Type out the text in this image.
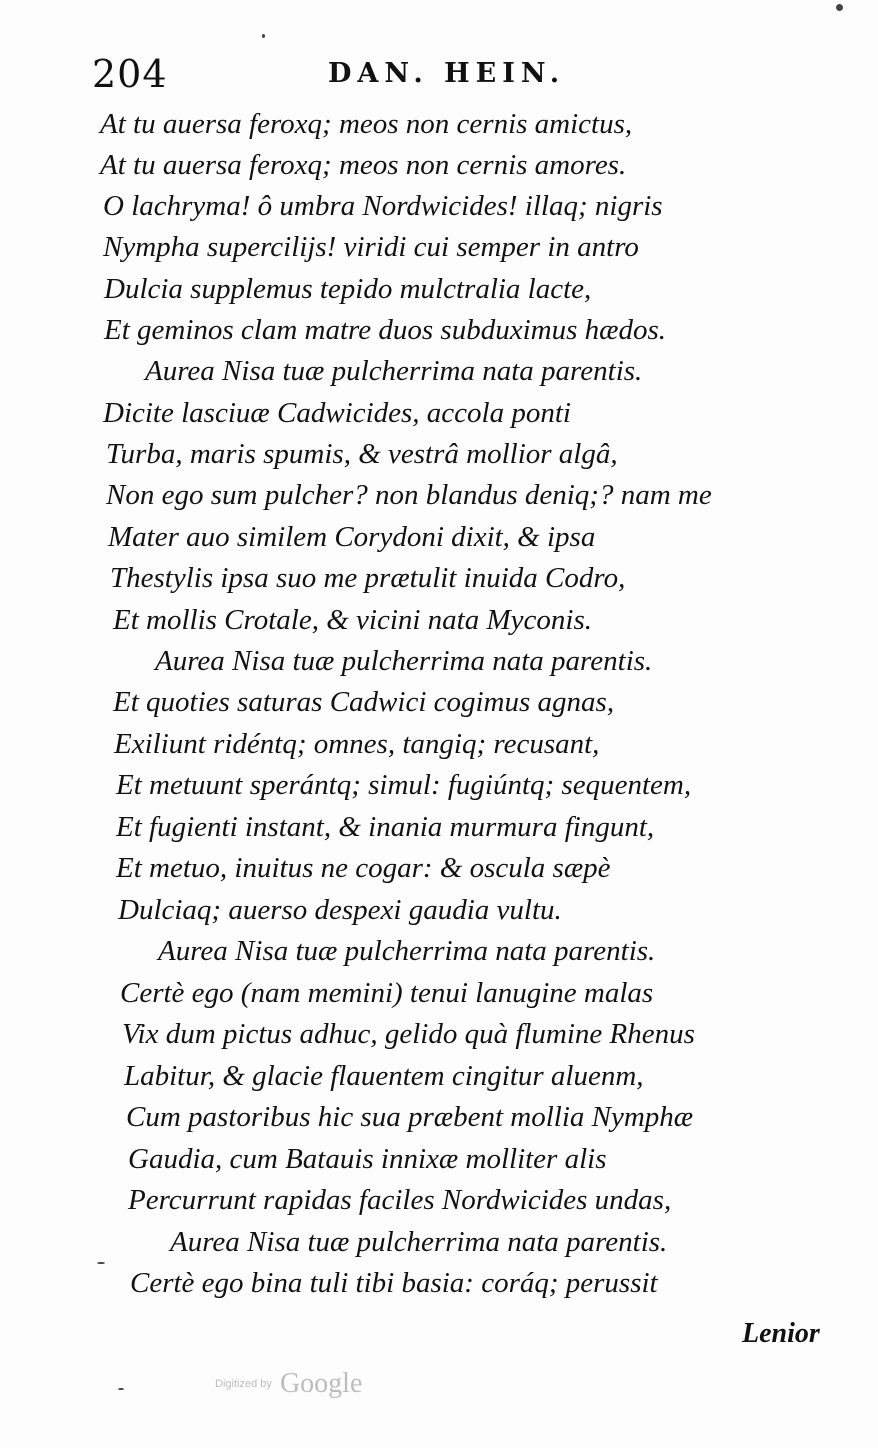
204	DAN. HEIN.
At tu auersa feroxq; meos non cernis amictus,
At tu auersa feroxq; meos non cernis amores.
O lachryma! ô umbra Nordwicides! illaq; nigris
Nympha supercilijs! viridi cui semper in antro
Dulcia supplemus tepido mulctralia lacte,
Et geminos clam matre duos subduximus hædos.
Aurea Nisa tuæ pulcherrima nata parentis.
Dicite lasciuæ Cadwicides, accola ponti
Turba, maris spumis, & vestrâ mollior algâ,
Non ego sum pulcher? non blandus deniq;? nam me
Mater auo similem Corydoni dixit, & ipsa
Thestylis ipsa suo me prætulit inuida Codro,
Et mollis Crotale, & vicini nata Myconis.
Aurea Nisa tuæ pulcherrima nata parentis.
Et quoties saturas Cadwici cogimus agnas,
Exiliunt ridéntq; omnes, tangiq; recusant,
Et metuunt sperántq; simul: fugiúntq; sequentem,
Et fugienti instant, & inania murmura fingunt,
Et metuo, inuitus ne cogar: & oscula sæpè
Dulciaq; auerso despexi gaudia vultu.
Aurea Nisa tuæ pulcherrima nata parentis.
Certè ego (nam memini) tenui lanugine malas
Vix dum pictus adhuc, gelido quà flumine Rhenus
Labitur, & glacie flauentem cingitur aluenm,
Cum pastoribus hic sua præbent mollia Nymphæ
Gaudia, cum Batauis innixæ molliter alis
Percurrunt rapidas faciles Nordwicides undas,
Aurea Nisa tuæ pulcherrima nata parentis.
Certè ego bina tuli tibi basia: coráq; perussit
Lenior
Digitized by Google
